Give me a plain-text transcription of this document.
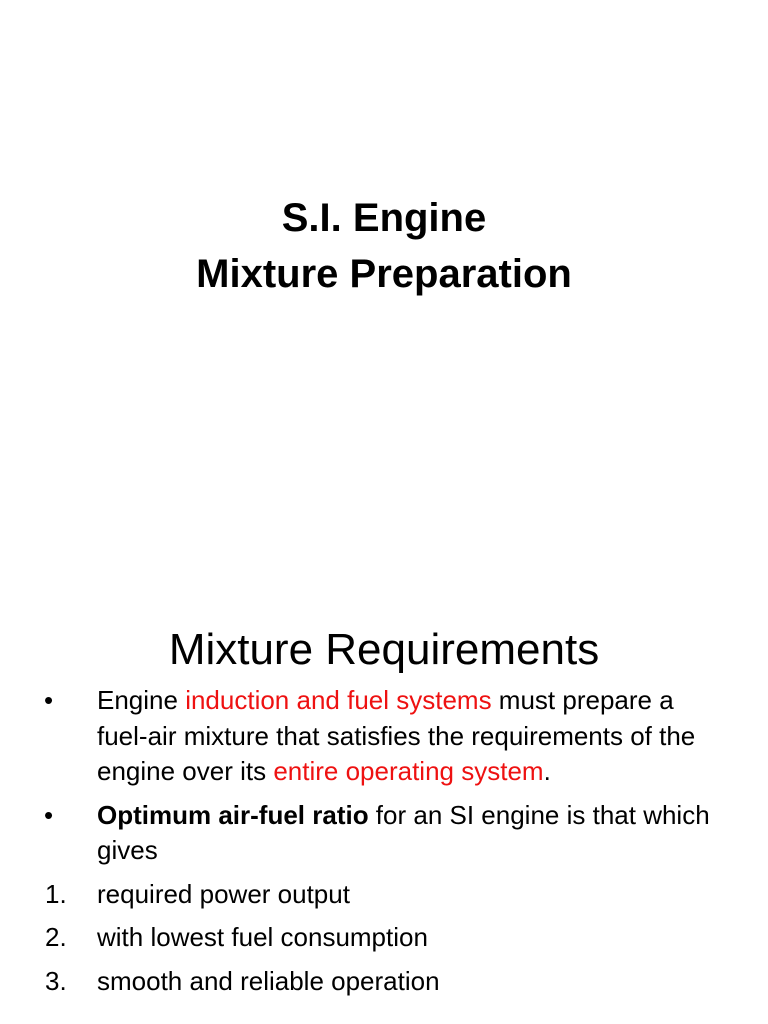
S.I. Engine
Mixture Preparation
Mixture Requirements
• Engine induction and fuel systems must prepare a fuel-air mixture that satisfies the requirements of the engine over its entire operating system.
• Optimum air-fuel ratio for an SI engine is that which gives
1. required power output
2. with lowest fuel consumption
3. smooth and reliable operation
